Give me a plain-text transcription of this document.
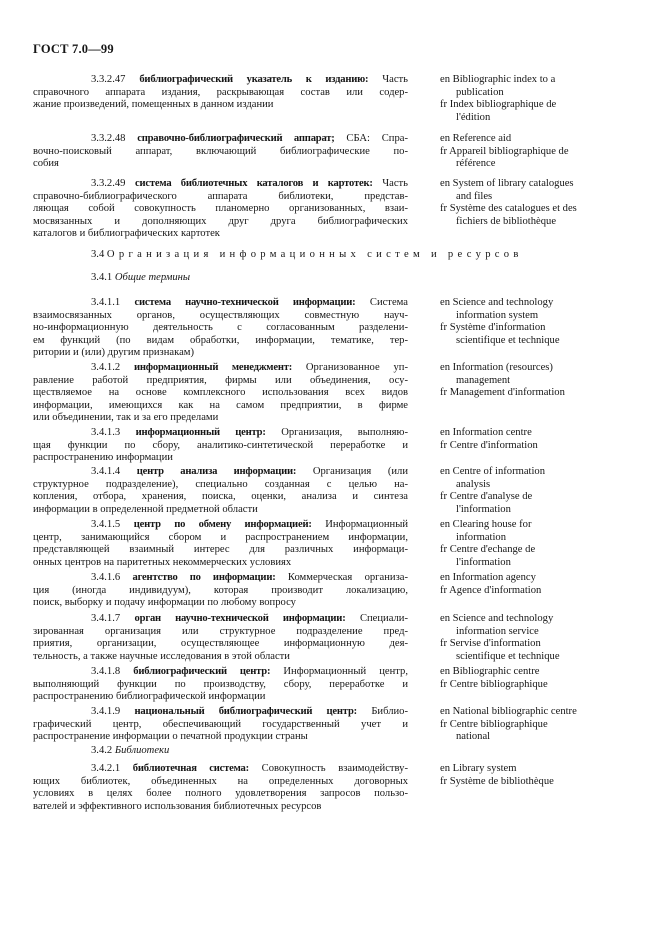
ГОСТ 7.0—99
3.3.2.47 библиографический указатель к изданию: Часть
справочного аппарата издания, раскрывающая состав или содер-
жание произведений, помещенных в данном издании
en Bibliographic index to a
publication
fr Index bibliographique de
l'édition
3.3.2.48 справочно-библиографический аппарат; СБА: Спра-
вочно-поисковый аппарат, включающий библиографические по-
собия
en Reference aid
fr Appareil bibliographique de
référence
3.3.2.49 система библиотечных каталогов и картотек: Часть
справочно-библиографического аппарата библиотеки, представ-
ляющая собой совокупность планомерно организованных, взаи-
мосвязанных и дополняющих друг друга библиографических
каталогов и библиографических картотек
en System of library catalogues
and files
fr Système des catalogues et des
fichiers de bibliothèque
3.4 Организация информационных систем и ресурсов
3.4.1 Общие термины
3.4.1.1 система научно-технической информации: Система
взаимосвязанных органов, осуществляющих совместную науч-
но-информационную деятельность с согласованным разделени-
ем функций (по видам обработки, информации, тематике, тер-
ритории и (или) другим признакам)
en Science and technology
information system
fr Système d'information
scientifique et technique
3.4.1.2 информационный менеджмент: Организованное уп-
равление работой предприятия, фирмы или объединения, осу-
ществляемое на основе комплексного использования всех видов
информации, имеющихся как на самом предприятии, в фирме
или объединении, так и за его пределами
en Information (resources)
management
fr Management d'information
3.4.1.3 информационный центр: Организация, выполняю-
щая функции по сбору, аналитико-синтетической переработке и
распространению информации
en Information centre
fr Centre d'information
3.4.1.4 центр анализа информации: Организация (или
структурное подразделение), специально созданная с целью на-
копления, отбора, хранения, поиска, оценки, анализа и синтеза
информации в определенной предметной области
en Centre of information
analysis
fr Centre d'analyse de
l'information
3.4.1.5 центр по обмену информацией: Информационный
центр, занимающийся сбором и распространением информации,
представляющей взаимный интерес для различных информаци-
онных центров на паритетных некоммерческих условиях
en Clearing house for
information
fr Centre d'echange de
l'information
3.4.1.6 агентство по информации: Коммерческая организа-
ция (иногда индивидуум), которая производит локализацию,
поиск, выборку и подачу информации по любому вопросу
en Information agency
fr Agence d'information
3.4.1.7 орган научно-технической информации: Специали-
зированная организация или структурное подразделение пред-
приятия, организации, осуществляющее информационную дея-
тельность, а также научные исследования в этой области
en Science and technology
information service
fr Servise d'information
scientifique et technique
3.4.1.8 библиографический центр: Информационный центр,
выполняющий функции по производству, сбору, переработке и
распространению библиографической информации
en Bibliographic centre
fr Centre bibliographique
3.4.1.9 национальный библиографический центр: Библио-
графический центр, обеспечивающий государственный учет и
распространение информации о печатной продукции страны
en National bibliographic centre
fr Centre bibliographique
national
3.4.2 Библиотеки
3.4.2.1 библиотечная система: Совокупность взаимодейству-
ющих библиотек, объединенных на определенных договорных
условиях в целях более полного удовлетворения запросов пользо-
вателей и эффективного использования библиотечных ресурсов
en Library system
fr Système de bibliothèque
